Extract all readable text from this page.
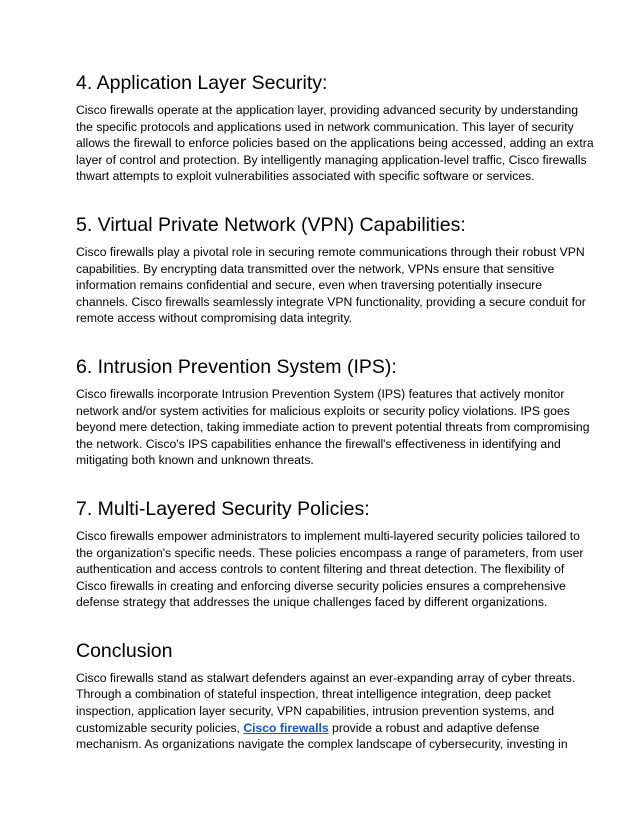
4. Application Layer Security:

Cisco firewalls operate at the application layer, providing advanced security by understanding
the specific protocols and applications used in network communication. This layer of security
allows the firewall to enforce policies based on the applications being accessed, adding an extra
layer of control and protection. By intelligently managing application-level traffic, Cisco firewalls
thwart attempts to exploit vulnerabilities associated with specific software or services.

5. Virtual Private Network (VPN) Capabilities:

Cisco firewalls play a pivotal role in securing remote communications through their robust VPN
capabilities. By encrypting data transmitted over the network, VPNs ensure that sensitive
information remains confidential and secure, even when traversing potentially insecure
channels. Cisco firewalls seamlessly integrate VPN functionality, providing a secure conduit for
remote access without compromising data integrity.

6. Intrusion Prevention System (IPS):

Cisco firewalls incorporate Intrusion Prevention System (IPS) features that actively monitor
network and/or system activities for malicious exploits or security policy violations. IPS goes
beyond mere detection, taking immediate action to prevent potential threats from compromising
the network. Cisco's IPS capabilities enhance the firewall's effectiveness in identifying and
mitigating both known and unknown threats.

7. Multi-Layered Security Policies:

Cisco firewalls empower administrators to implement multi-layered security policies tailored to
the organization's specific needs. These policies encompass a range of parameters, from user
authentication and access controls to content filtering and threat detection. The flexibility of
Cisco firewalls in creating and enforcing diverse security policies ensures a comprehensive
defense strategy that addresses the unique challenges faced by different organizations.

Conclusion

Cisco firewalls stand as stalwart defenders against an ever-expanding array of cyber threats.
Through a combination of stateful inspection, threat intelligence integration, deep packet
inspection, application layer security, VPN capabilities, intrusion prevention systems, and
customizable security policies, Cisco firewalls provide a robust and adaptive defense
mechanism. As organizations navigate the complex landscape of cybersecurity, investing in
